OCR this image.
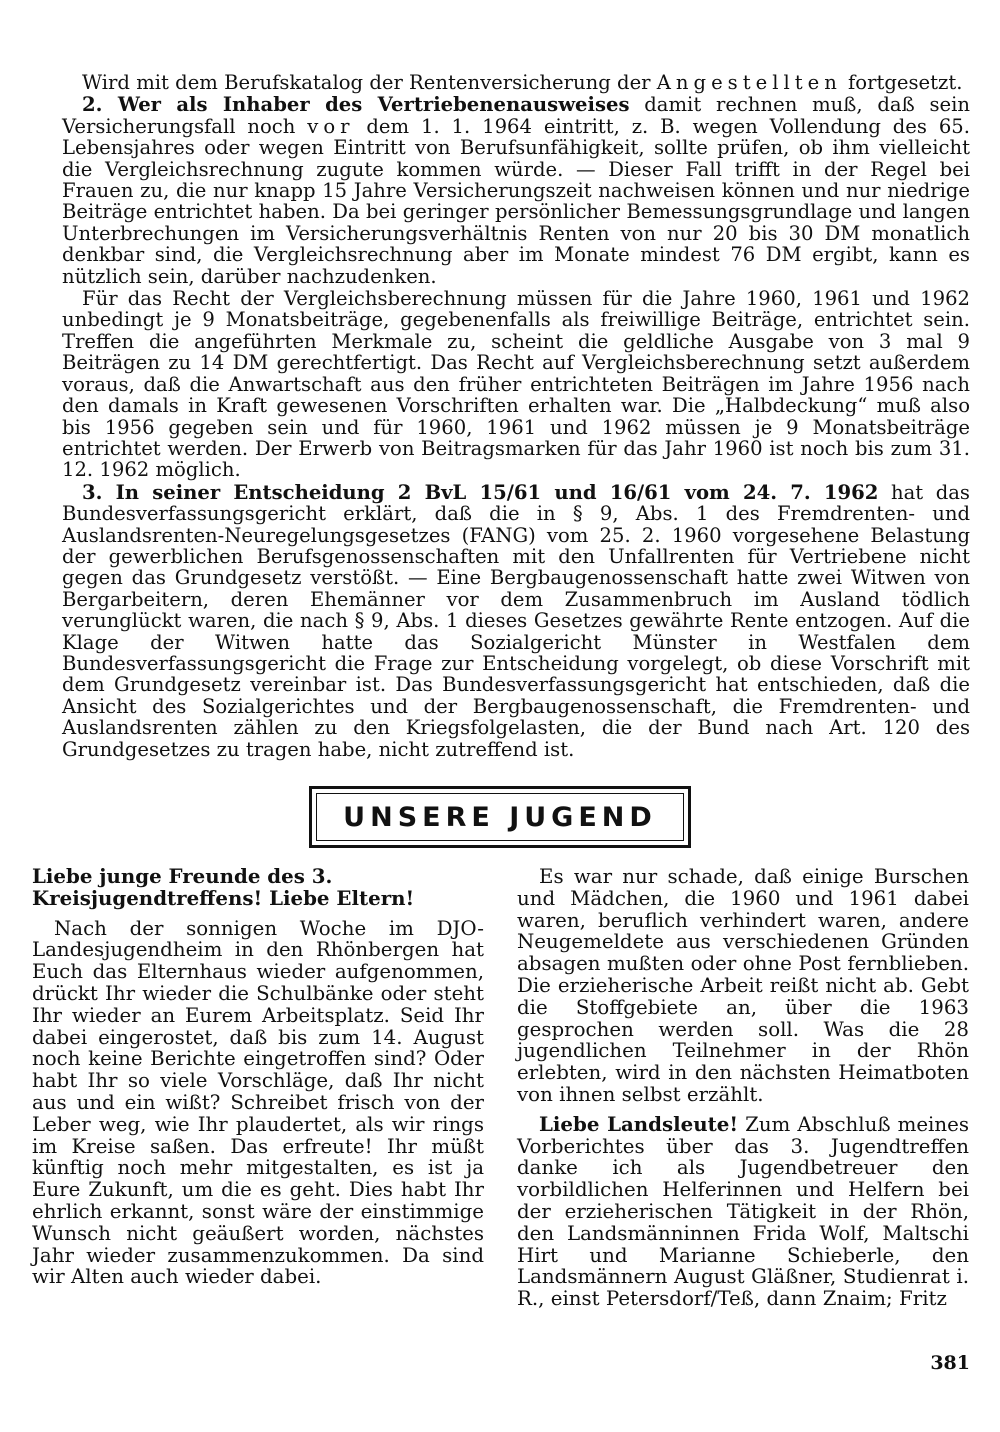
Wird mit dem Berufskatalog der Rentenversicherung der Angestellten fortgesetzt.

2. Wer als Inhaber des Vertriebenenausweises damit rechnen muß, daß sein Versicherungsfall noch vor dem 1. 1. 1964 eintritt, z. B. wegen Vollendung des 65. Lebensjahres oder wegen Eintritt von Berufsunfähigkeit, sollte prüfen, ob ihm vielleicht die Vergleichsrechnung zugute kommen würde. — Dieser Fall trifft in der Regel bei Frauen zu, die nur knapp 15 Jahre Versicherungszeit nachweisen können und nur niedrige Beiträge entrichtet haben. Da bei geringer persönlicher Bemessungsgrundlage und langen Unterbrechungen im Versicherungsverhältnis Renten von nur 20 bis 30 DM monatlich denkbar sind, die Vergleichsrechnung aber im Monate mindest 76 DM ergibt, kann es nützlich sein, darüber nachzudenken.

Für das Recht der Vergleichsberechnung müssen für die Jahre 1960, 1961 und 1962 unbedingt je 9 Monatsbeiträge, gegebenenfalls als freiwillige Beiträge, entrichtet sein. Treffen die angeführten Merkmale zu, scheint die geldliche Ausgabe von 3 mal 9 Beiträgen zu 14 DM gerechtfertigt. Das Recht auf Vergleichsberechnung setzt außerdem voraus, daß die Anwartschaft aus den früher entrichteten Beiträgen im Jahre 1956 nach den damals in Kraft gewesenen Vorschriften erhalten war. Die „Halbdeckung“ muß also bis 1956 gegeben sein und für 1960, 1961 und 1962 müssen je 9 Monatsbeiträge entrichtet werden. Der Erwerb von Beitragsmarken für das Jahr 1960 ist noch bis zum 31. 12. 1962 möglich.

3. In seiner Entscheidung 2 BvL 15/61 und 16/61 vom 24. 7. 1962 hat das Bundesverfassungsgericht erklärt, daß die in § 9, Abs. 1 des Fremdrenten- und Auslandsrenten-Neuregelungsgesetzes (FANG) vom 25. 2. 1960 vorgesehene Belastung der gewerblichen Berufsgenossenschaften mit den Unfallrenten für Vertriebene nicht gegen das Grundgesetz verstößt. — Eine Bergbaugenossenschaft hatte zwei Witwen von Bergarbeitern, deren Ehemänner vor dem Zusammenbruch im Ausland tödlich verunglückt waren, die nach § 9, Abs. 1 dieses Gesetzes gewährte Rente entzogen. Auf die Klage der Witwen hatte das Sozialgericht Münster in Westfalen dem Bundesverfassungsgericht die Frage zur Entscheidung vorgelegt, ob diese Vorschrift mit dem Grundgesetz vereinbar ist. Das Bundesverfassungsgericht hat entschieden, daß die Ansicht des Sozialgerichtes und der Bergbaugenossenschaft, die Fremdrenten- und Auslandsrenten zählen zu den Kriegsfolgelasten, die der Bund nach Art. 120 des Grundgesetzes zu tragen habe, nicht zutreffend ist.

UNSERE JUGEND

Liebe junge Freunde des 3. Kreisjugendtreffens! Liebe Eltern!

Nach der sonnigen Woche im DJO-Landesjugendheim in den Rhönbergen hat Euch das Elternhaus wieder aufgenommen, drückt Ihr wieder die Schulbänke oder steht Ihr wieder an Eurem Arbeitsplatz. Seid Ihr dabei eingerostet, daß bis zum 14. August noch keine Berichte eingetroffen sind? Oder habt Ihr so viele Vorschläge, daß Ihr nicht aus und ein wißt? Schreibet frisch von der Leber weg, wie Ihr plaudertet, als wir rings im Kreise saßen. Das erfreute! Ihr müßt künftig noch mehr mitgestalten, es ist ja Eure Zukunft, um die es geht. Dies habt Ihr ehrlich erkannt, sonst wäre der einstimmige Wunsch nicht geäußert worden, nächstes Jahr wieder zusammenzukommen. Da sind wir Alten auch wieder dabei.

Es war nur schade, daß einige Burschen und Mädchen, die 1960 und 1961 dabei waren, beruflich verhindert waren, andere Neugemeldete aus verschiedenen Gründen absagen mußten oder ohne Post fernblieben. Die erzieherische Arbeit reißt nicht ab. Gebt die Stoffgebiete an, über die 1963 gesprochen werden soll. Was die 28 jugendlichen Teilnehmer in der Rhön erlebten, wird in den nächsten Heimatboten von ihnen selbst erzählt.

Liebe Landsleute! Zum Abschluß meines Vorberichtes über das 3. Jugendtreffen danke ich als Jugendbetreuer den vorbildlichen Helferinnen und Helfern bei der erzieherischen Tätigkeit in der Rhön, den Landsmänninnen Frida Wolf, Maltschi Hirt und Marianne Schieberle, den Landsmännern August Gläßner, Studienrat i. R., einst Petersdorf/Teß, dann Znaim; Fritz

381
